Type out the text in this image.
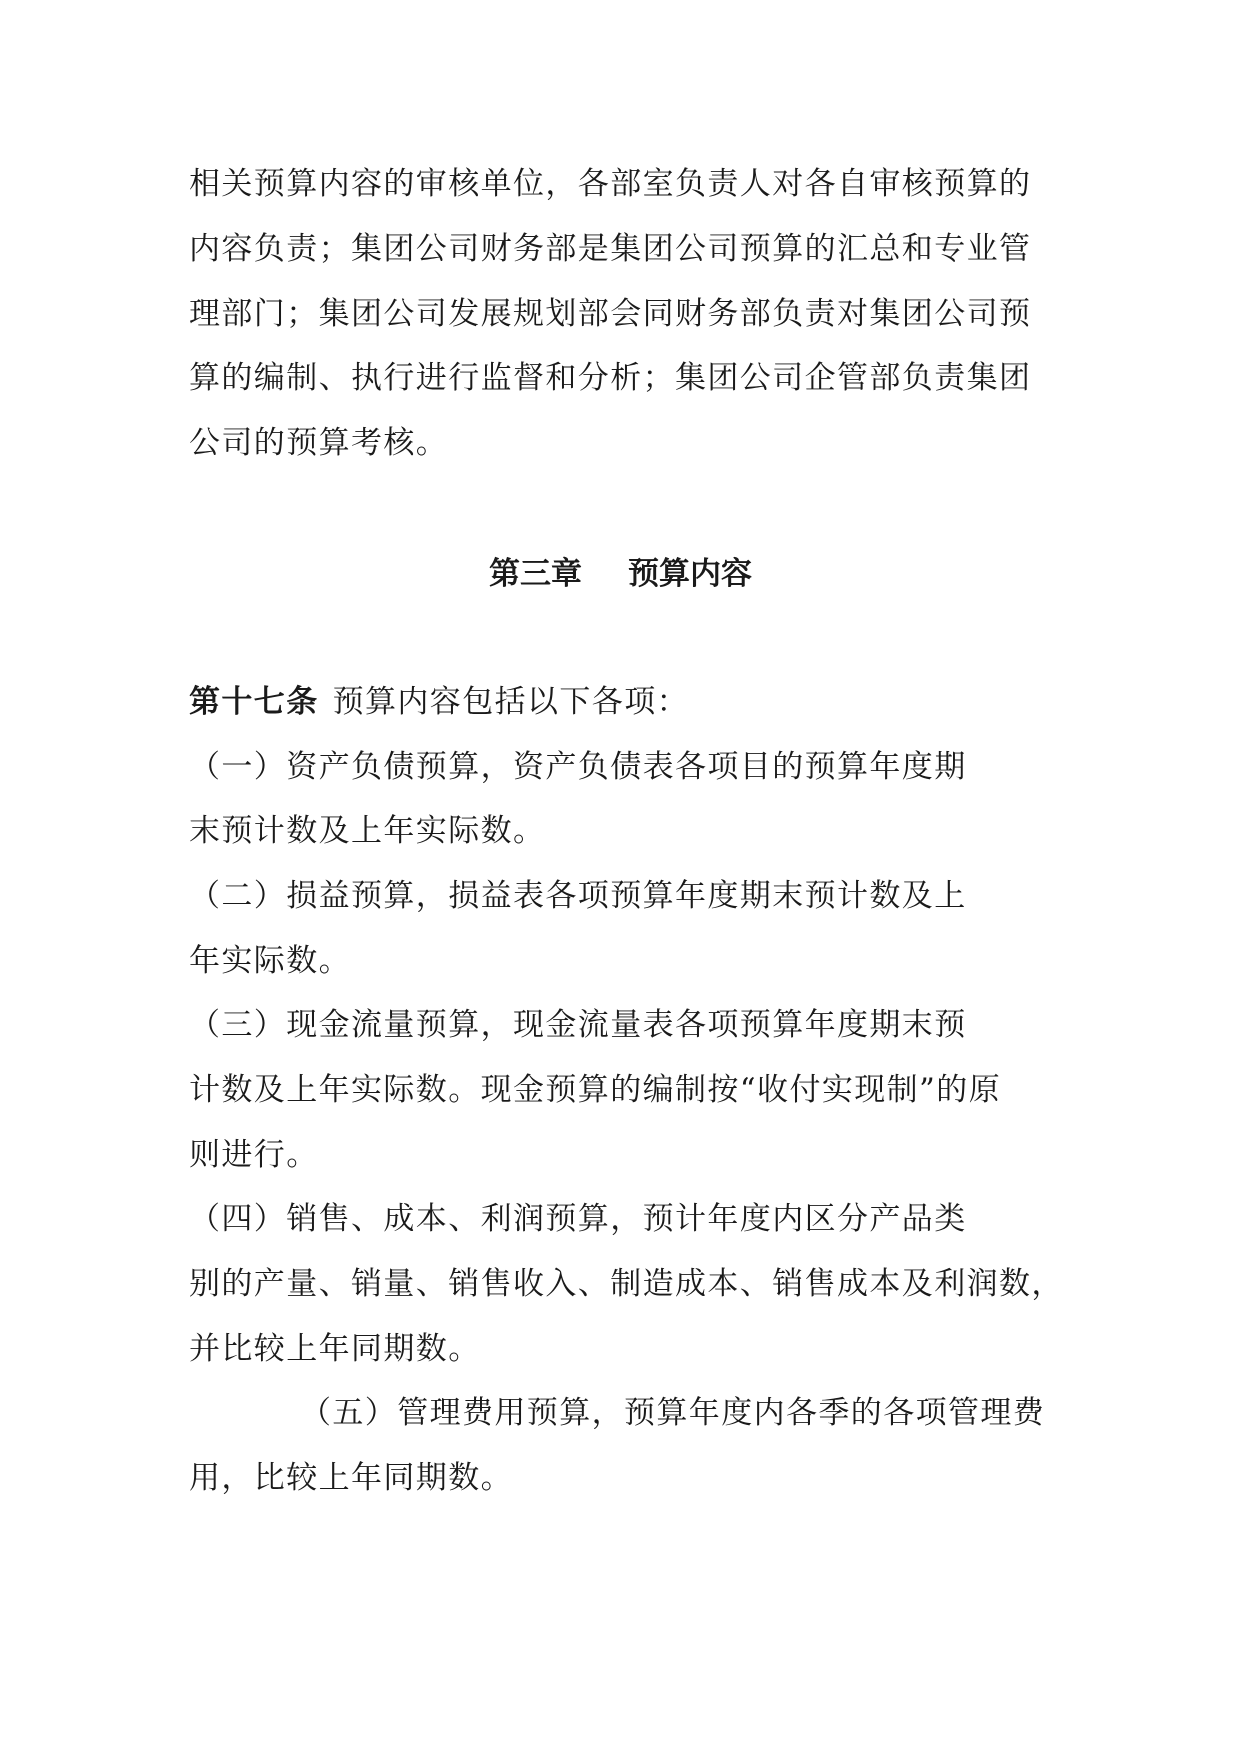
相关预算内容的审核单位，各部室负责人对各自审核预算的
内容负责；集团公司财务部是集团公司预算的汇总和专业管
理部门；集团公司发展规划部会同财务部负责对集团公司预
算的编制、执行进行监督和分析；集团公司企管部负责集团
公司的预算考核。
第三章 预算内容
第十七条 预算内容包括以下各项：
（一）资产负债预算，资产负债表各项目的预算年度期
末预计数及上年实际数。
（二）损益预算，损益表各项预算年度期末预计数及上
年实际数。
（三）现金流量预算，现金流量表各项预算年度期末预
计数及上年实际数。现金预算的编制按“收付实现制”的原
则进行。
（四）销售、成本、利润预算，预计年度内区分产品类
别的产量、销量、销售收入、制造成本、销售成本及利润数，
并比较上年同期数。
（五）管理费用预算，预算年度内各季的各项管理费
用，比较上年同期数。
